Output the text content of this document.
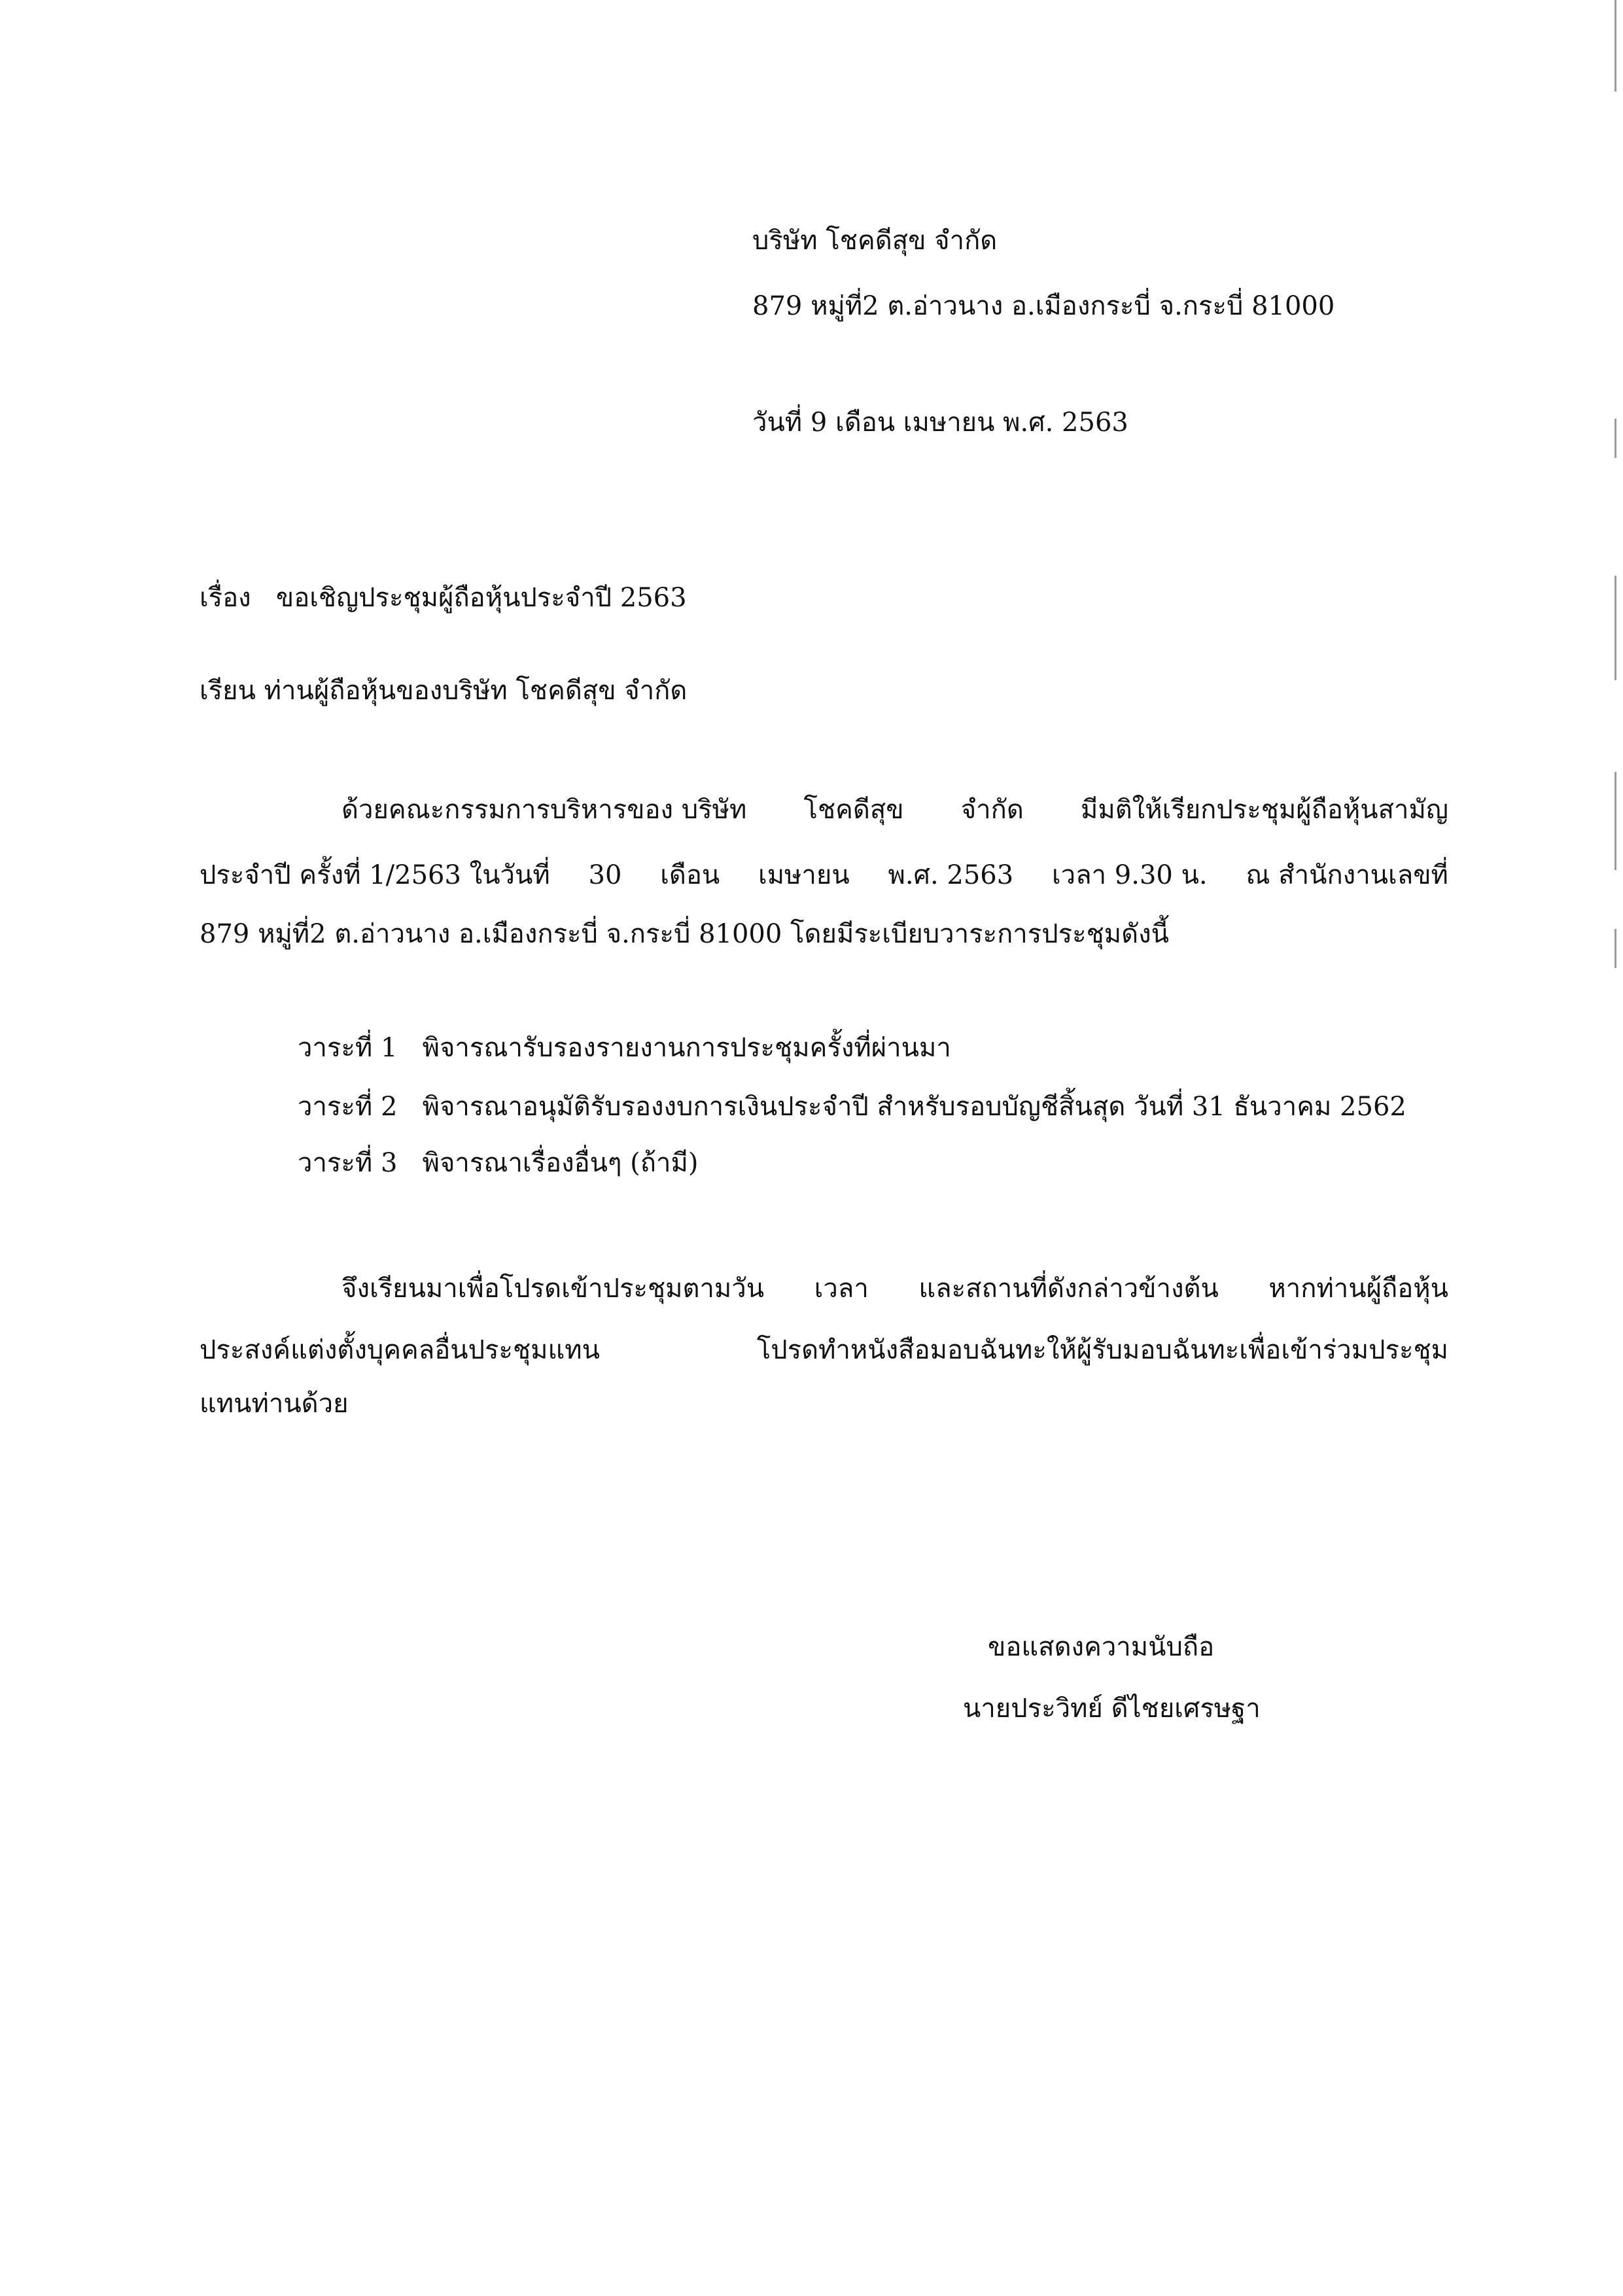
บริษัท โชคดีสุข จำกัด
879 หมู่ที่2 ต.อ่าวนาง อ.เมืองกระบี่ จ.กระบี่ 81000
วันที่ 9 เดือน เมษายน พ.ศ. 2563
เรื่อง ขอเชิญประชุมผู้ถือหุ้นประจำปี 2563
เรียน ท่านผู้ถือหุ้นของบริษัท โชคดีสุข จำกัด
ด้วยคณะกรรมการบริหารของ บริษัท โชคดีสุข จำกัด มีมติให้เรียกประชุมผู้ถือหุ้นสามัญ
ประจำปี ครั้งที่ 1/2563 ในวันที่ 30 เดือน เมษายน พ.ศ. 2563 เวลา 9.30 น. ณ สำนักงานเลขที่
879 หมู่ที่2 ต.อ่าวนาง อ.เมืองกระบี่ จ.กระบี่ 81000 โดยมีระเบียบวาระการประชุมดังนี้
วาระที่ 1 พิจารณารับรองรายงานการประชุมครั้งที่ผ่านมา
วาระที่ 2 พิจารณาอนุมัติรับรองงบการเงินประจำปี สำหรับรอบบัญชีสิ้นสุด วันที่ 31 ธันวาคม 2562
วาระที่ 3 พิจารณาเรื่องอื่นๆ (ถ้ามี)
จึงเรียนมาเพื่อโปรดเข้าประชุมตามวัน เวลา และสถานที่ดังกล่าวข้างต้น หากท่านผู้ถือหุ้น
ประสงค์แต่งตั้งบุคคลอื่นประชุมแทน	โปรดทำหนังสือมอบฉันทะให้ผู้รับมอบฉันทะเพื่อเข้าร่วมประชุม
แทนท่านด้วย
ขอแสดงความนับถือ
นายประวิทย์ ดีไชยเศรษฐา
